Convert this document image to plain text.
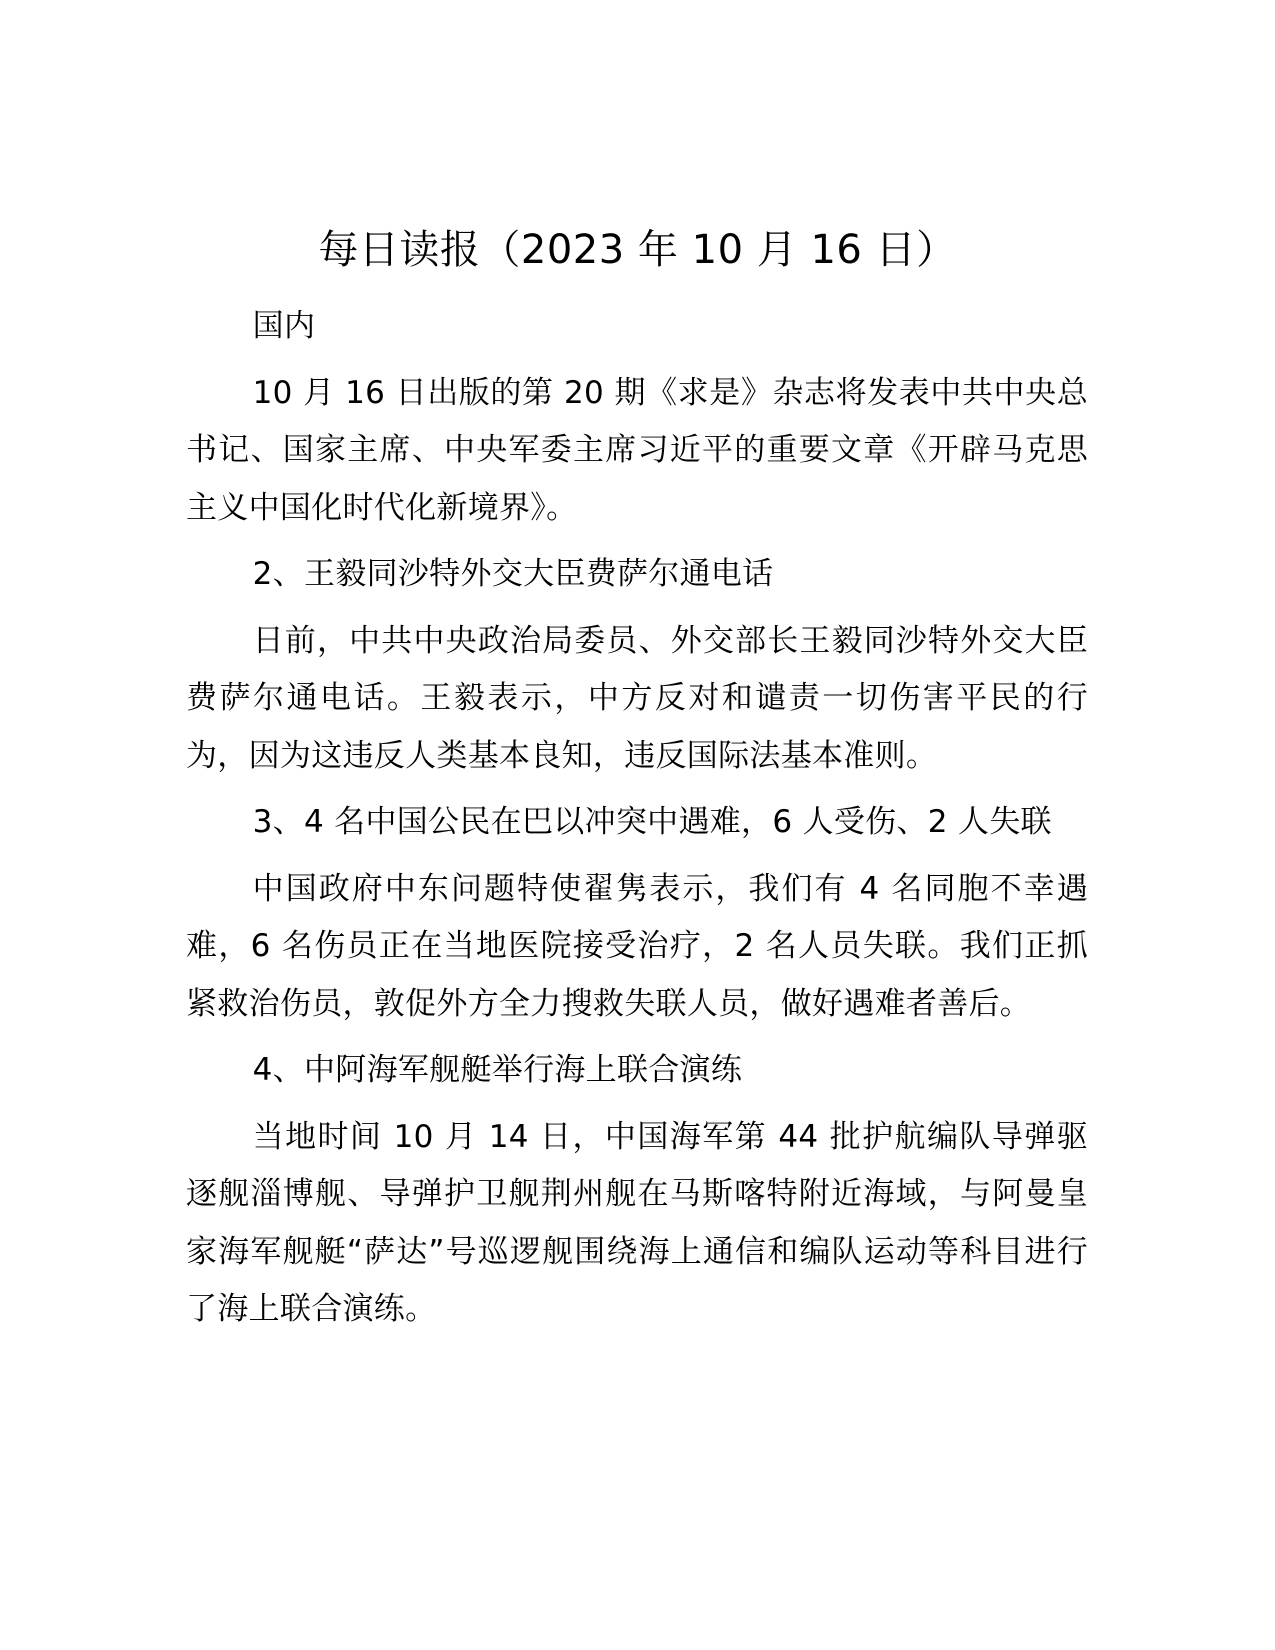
每日读报（2023 年 10 月 16 日）

国内

10 月 16 日出版的第 20 期《求是》杂志将发表中共中央总书记、国家主席、中央军委主席习近平的重要文章《开辟马克思主义中国化时代化新境界》。

2、王毅同沙特外交大臣费萨尔通电话

日前，中共中央政治局委员、外交部长王毅同沙特外交大臣费萨尔通电话。王毅表示，中方反对和谴责一切伤害平民的行为，因为这违反人类基本良知，违反国际法基本准则。

3、4 名中国公民在巴以冲突中遇难，6 人受伤、2 人失联

中国政府中东问题特使翟隽表示，我们有 4 名同胞不幸遇难，6 名伤员正在当地医院接受治疗，2 名人员失联。我们正抓紧救治伤员，敦促外方全力搜救失联人员，做好遇难者善后。

4、中阿海军舰艇举行海上联合演练

当地时间 10 月 14 日，中国海军第 44 批护航编队导弹驱逐舰淄博舰、导弹护卫舰荆州舰在马斯喀特附近海域，与阿曼皇家海军舰艇“萨达”号巡逻舰围绕海上通信和编队运动等科目进行了海上联合演练。
